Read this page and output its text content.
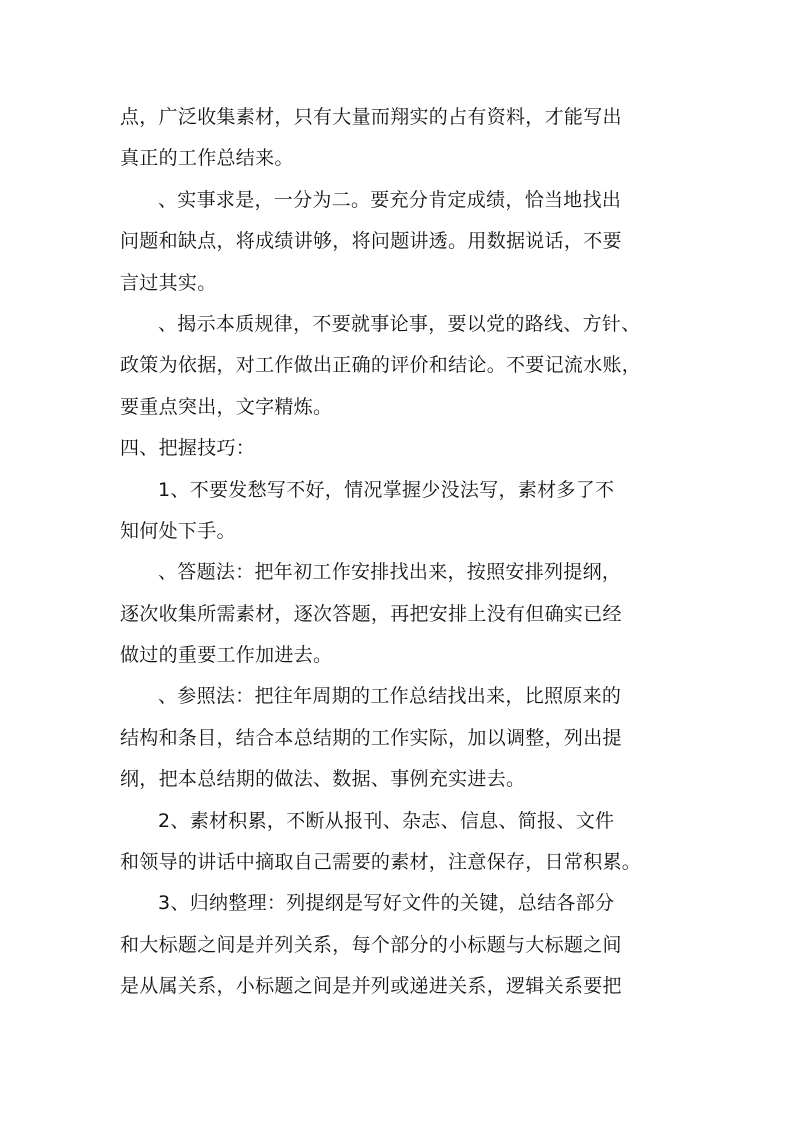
点，广泛收集素材，只有大量而翔实的占有资料，才能写出
真正的工作总结来。
、实事求是，一分为二。要充分肯定成绩，恰当地找出
问题和缺点，将成绩讲够，将问题讲透。用数据说话，不要
言过其实。
、揭示本质规律，不要就事论事，要以党的路线、方针、
政策为依据，对工作做出正确的评价和结论。不要记流水账，
要重点突出，文字精炼。
四、把握技巧：
1、不要发愁写不好，情况掌握少没法写，素材多了不
知何处下手。
、答题法：把年初工作安排找出来，按照安排列提纲，
逐次收集所需素材，逐次答题，再把安排上没有但确实已经
做过的重要工作加进去。
、参照法：把往年周期的工作总结找出来，比照原来的
结构和条目，结合本总结期的工作实际，加以调整，列出提
纲，把本总结期的做法、数据、事例充实进去。
2、素材积累，不断从报刊、杂志、信息、简报、文件
和领导的讲话中摘取自己需要的素材，注意保存，日常积累。
3、归纳整理：列提纲是写好文件的关键，总结各部分
和大标题之间是并列关系，每个部分的小标题与大标题之间
是从属关系，小标题之间是并列或递进关系，逻辑关系要把
